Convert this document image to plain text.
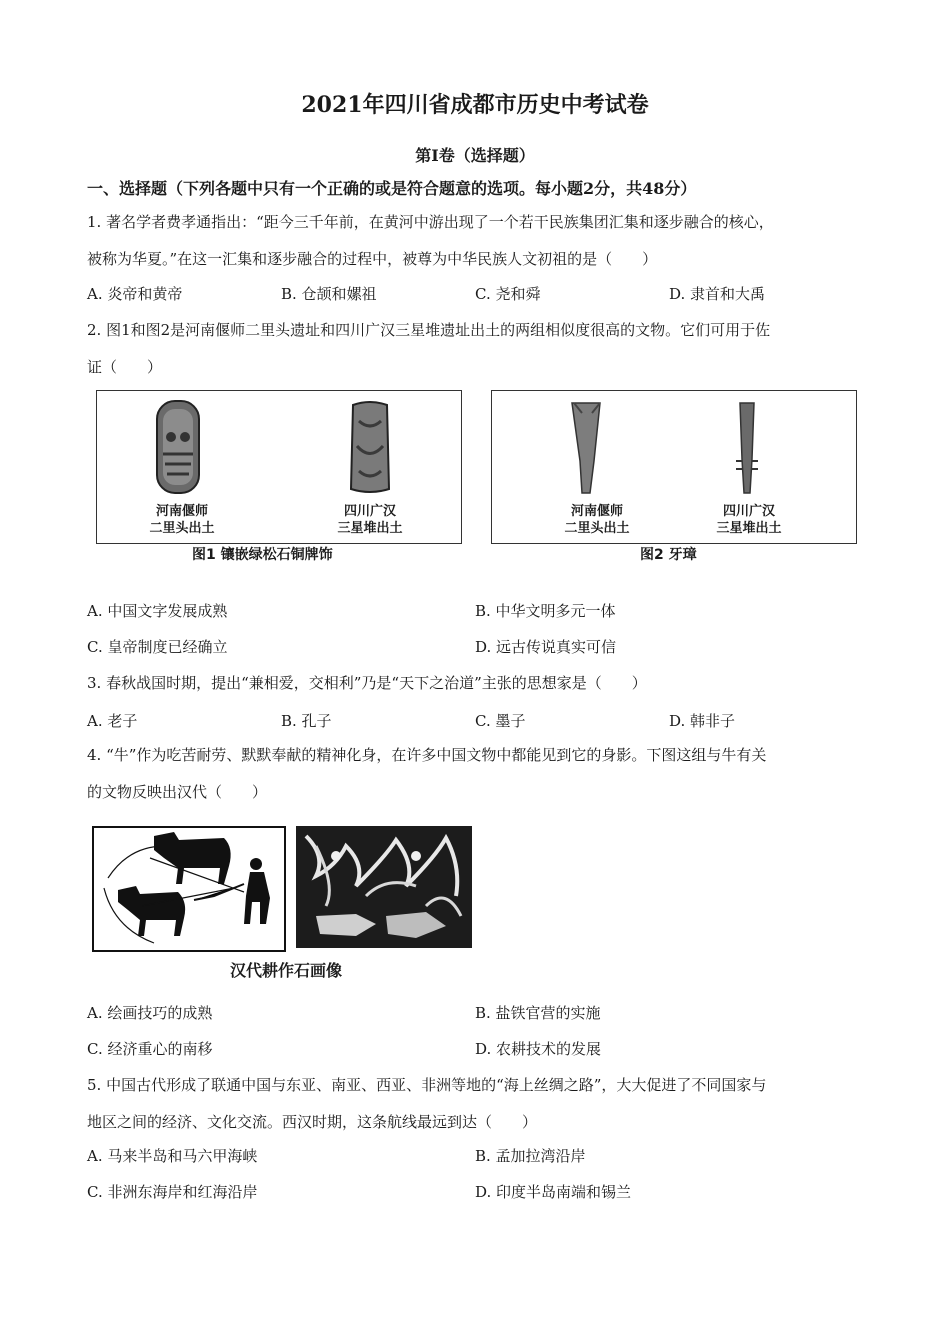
2021年四川省成都市历史中考试卷
第Ⅰ卷（选择题）
一、选择题（下列各题中只有一个正确的或是符合题意的选项。每小题2分，共48分）
1. 著名学者费孝通指出：“距今三千年前，在黄河中游出现了一个若干民族集团汇集和逐步融合的核心，
被称为华夏。”在这一汇集和逐步融合的过程中，被尊为中华民族人文初祖的是（　　）
A. 炎帝和黄帝	B. 仓颉和嫘祖	C. 尧和舜	D. 隶首和大禹
2. 图1和图2是河南偃师二里头遗址和四川广汉三星堆遗址出土的两组相似度很高的文物。它们可用于佐
证（　　）
河南偃师
二里头出土
四川广汉
三星堆出土
图1 镶嵌绿松石铜牌饰
河南偃师
二里头出土
四川广汉
三星堆出土
图2 牙璋
A. 中国文字发展成熟	B. 中华文明多元一体
C. 皇帝制度已经确立	D. 远古传说真实可信
3. 春秋战国时期，提出“兼相爱，交相利”乃是“天下之治道”主张的思想家是（　　）
A. 老子	B. 孔子	C. 墨子	D. 韩非子
4. “牛”作为吃苦耐劳、默默奉献的精神化身，在许多中国文物中都能见到它的身影。下图这组与牛有关
的文物反映出汉代（　　）
汉代耕作石画像
A. 绘画技巧的成熟	B. 盐铁官营的实施
C. 经济重心的南移	D. 农耕技术的发展
5. 中国古代形成了联通中国与东亚、南亚、西亚、非洲等地的“海上丝绸之路”，大大促进了不同国家与
地区之间的经济、文化交流。西汉时期，这条航线最远到达（　　）
A. 马来半岛和马六甲海峡	B. 孟加拉湾沿岸
C. 非洲东海岸和红海沿岸	D. 印度半岛南端和锡兰
